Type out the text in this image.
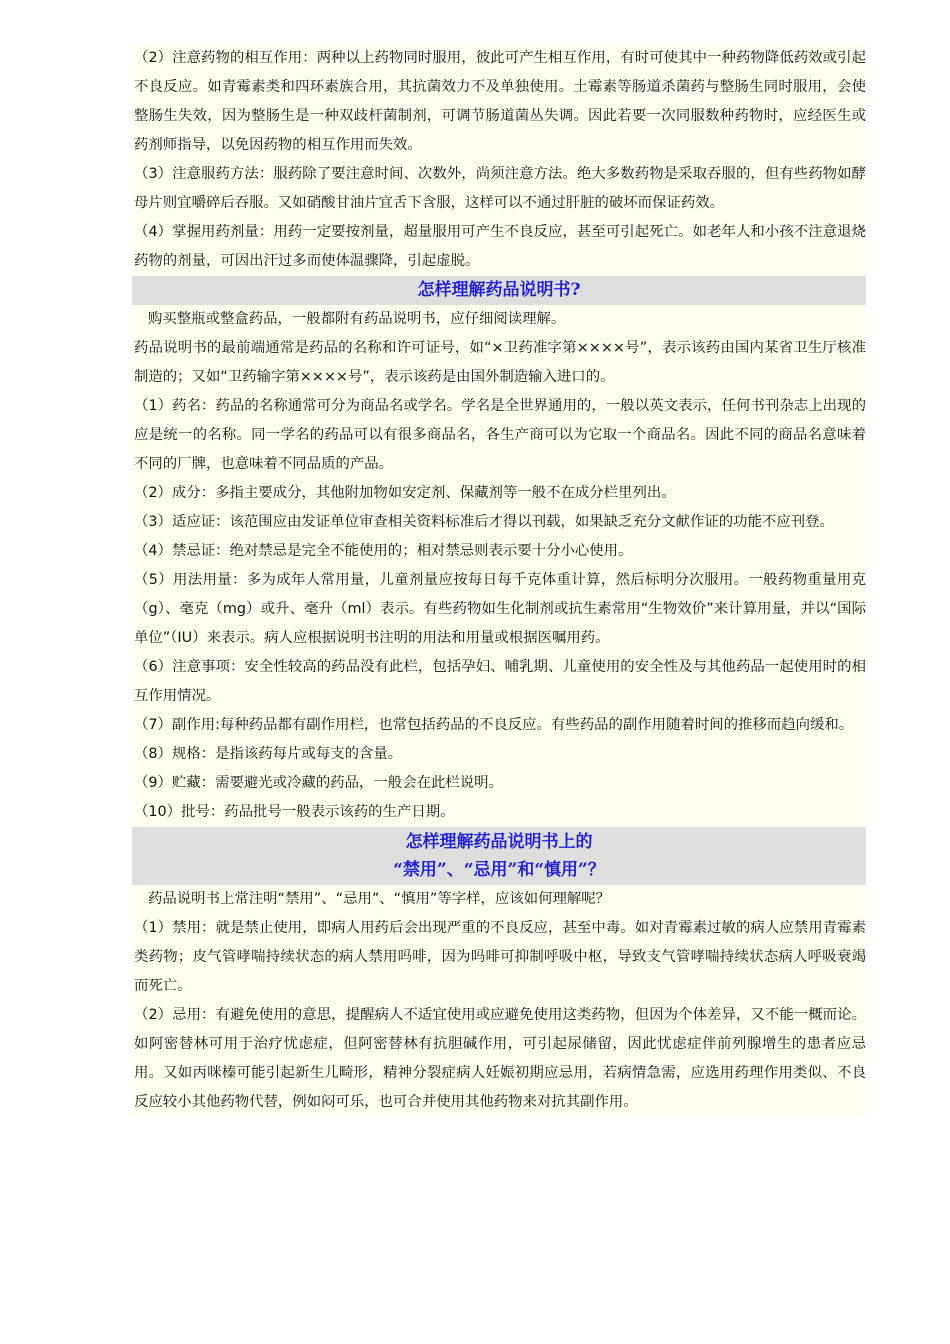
（2）注意药物的相互作用：两种以上药物同时服用，彼此可产生相互作用，有时可使其中一种药物降低药效或引起不良反应。如青霉素类和四环素族合用，其抗菌效力不及单独使用。土霉素等肠道杀菌药与整肠生同时服用，会使整肠生失效，因为整肠生是一种双歧杆菌制剂，可调节肠道菌丛失调。因此若要一次同服数种药物时，应经医生或药剂师指导，以免因药物的相互作用而失效。

（3）注意服药方法：服药除了要注意时间、次数外，尚须注意方法。绝大多数药物是采取吞服的，但有些药物如酵母片则宜嚼碎后吞服。又如硝酸甘油片宜舌下含服，这样可以不通过肝脏的破坏而保证药效。

（4）掌握用药剂量：用药一定要按剂量，超量服用可产生不良反应，甚至可引起死亡。如老年人和小孩不注意退烧药物的剂量，可因出汗过多而使体温骤降，引起虚脱。

怎样理解药品说明书?

购买整瓶或整盒药品，一般都附有药品说明书，应仔细阅读理解。

药品说明书的最前端通常是药品的名称和许可证号，如“×卫药准字第××××号”，表示该药由国内某省卫生厅核准制造的；又如“卫药输字第××××号”，表示该药是由国外制造输入进口的。

（1）药名：药品的名称通常可分为商品名或学名。学名是全世界通用的，一般以英文表示，任何书刊杂志上出现的应是统一的名称。同一学名的药品可以有很多商品名，各生产商可以为它取一个商品名。因此不同的商品名意味着不同的厂牌，也意味着不同品质的产品。

（2）成分：多指主要成分，其他附加物如安定剂、保藏剂等一般不在成分栏里列出。

（3）适应证：该范围应由发证单位审查相关资料标准后才得以刊载，如果缺乏充分文献作证的功能不应刊登。

（4）禁忌证：绝对禁忌是完全不能使用的；相对禁忌则表示要十分小心使用。

（5）用法用量：多为成年人常用量，儿童剂量应按每日每千克体重计算，然后标明分次服用。一般药物重量用克（g）、毫克（mg）或升、毫升（ml）表示。有些药物如生化制剂或抗生素常用“生物效价”来计算用量，并以“国际单位”（IU）来表示。病人应根据说明书注明的用法和用量或根据医嘱用药。

（6）注意事项：安全性较高的药品没有此栏，包括孕妇、哺乳期、儿童使用的安全性及与其他药品一起使用时的相互作用情况。

（7）副作用:每种药品都有副作用栏，也常包括药品的不良反应。有些药品的副作用随着时间的推移而趋向缓和。

（8）规格：是指该药每片或每支的含量。

（9）贮藏：需要避光或冷藏的药品，一般会在此栏说明。

（10）批号：药品批号一般表示该药的生产日期。

怎样理解药品说明书上的
“禁用”、“忌用”和“慎用”？

药品说明书上常注明“禁用”、“忌用”、“慎用”等字样，应该如何理解呢？

（1）禁用：就是禁止使用，即病人用药后会出现严重的不良反应，甚至中毒。如对青霉素过敏的病人应禁用青霉素类药物；皮气管哮喘持续状态的病人禁用吗啡，因为吗啡可抑制呼吸中枢，导致支气管哮喘持续状态病人呼吸衰竭而死亡。

（2）忌用：有避免使用的意思，提醒病人不适宜使用或应避免使用这类药物，但因为个体差异，又不能一概而论。如阿密替林可用于治疗忧虑症，但阿密替林有抗胆碱作用，可引起尿储留，因此忧虑症伴前列腺增生的患者应忌用。又如丙咪榛可能引起新生儿畸形，精神分裂症病人妊娠初期应忌用，若病情急需，应选用药理作用类似、不良反应较小其他药物代替，例如闷可乐，也可合并使用其他药物来对抗其副作用。
